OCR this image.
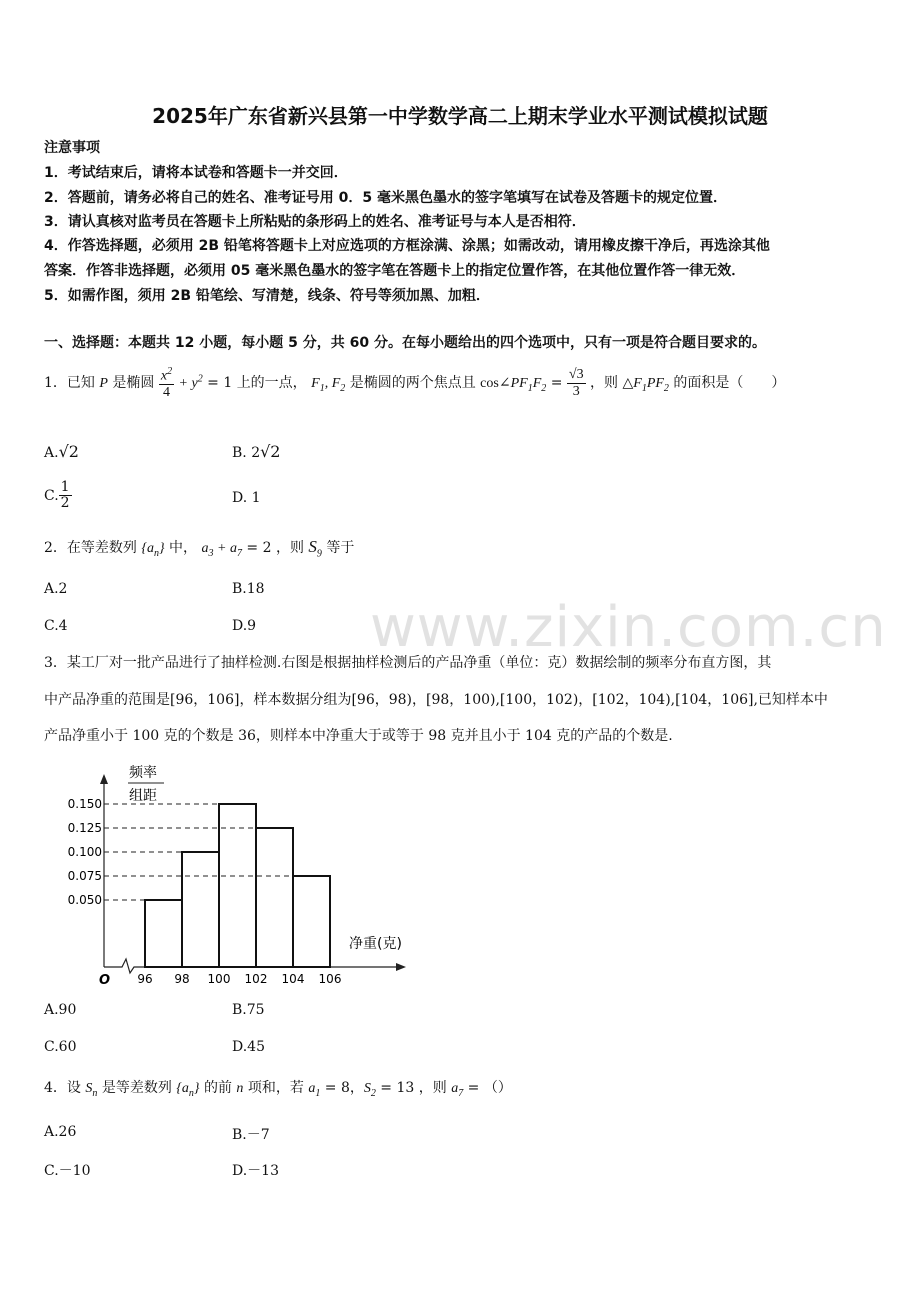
www.zixin.com.cn
2025年广东省新兴县第一中学数学高二上期末学业水平测试模拟试题
注意事项
1．考试结束后，请将本试卷和答题卡一并交回．
2．答题前，请务必将自己的姓名、准考证号用 0．5 毫米黑色墨水的签字笔填写在试卷及答题卡的规定位置．
3．请认真核对监考员在答题卡上所粘贴的条形码上的姓名、准考证号与本人是否相符．
4．作答选择题，必须用 2B 铅笔将答题卡上对应选项的方框涂满、涂黑；如需改动，请用橡皮擦干净后，再选涂其他
答案．作答非选择题，必须用 05 毫米黑色墨水的签字笔在答题卡上的指定位置作答，在其他位置作答一律无效．
5．如需作图，须用 2B 铅笔绘、写清楚，线条、符号等须加黑、加粗．
一、选择题：本题共 12 小题，每小题 5 分，共 60 分。在每小题给出的四个选项中，只有一项是符合题目要求的。
1．已知 P 是椭圆 $\frac{x^2}{4} + y^2 = 1$ 上的一点， $F_1$, $F_2$ 是椭圆的两个焦点且 $\cos\angle PF_1F_2 = \frac{√3}{3}$ ，则 $\triangle F_1PF_2$ 的面积是（　　）
A.√2	B. 2√2
C. $\frac{1}{2}$	D. 1
2．在等差数列 $\{a_n\}$ 中， $a_3 + a_7 = 2$ ，则 $S_9$ 等于
A.2	B.18
C.4	D.9
3．某工厂对一批产品进行了抽样检测.右图是根据抽样检测后的产品净重（单位：克）数据绘制的频率分布直方图，其
中产品净重的范围是[96，106]，样本数据分组为[96，98)，[98，100),[100，102)，[102，104),[104，106],已知样本中
产品净重小于 100 克的个数是 36，则样本中净重大于或等于 98 克并且小于 104 克的产品的个数是.
频率
组距
0.050
0.075
0.100
0.125
0.150
96 98 100 102 104 106
O
净重(克)
A.90	B.75
C.60	D.45
4．设 $S_n$ 是等差数列 $\{a_n\}$ 的前 n 项和，若 $a_1 = 8$，$S_2 = 13$ ，则 $a_7$ = （）
A.26	B.－7
C.－10	D.－13
